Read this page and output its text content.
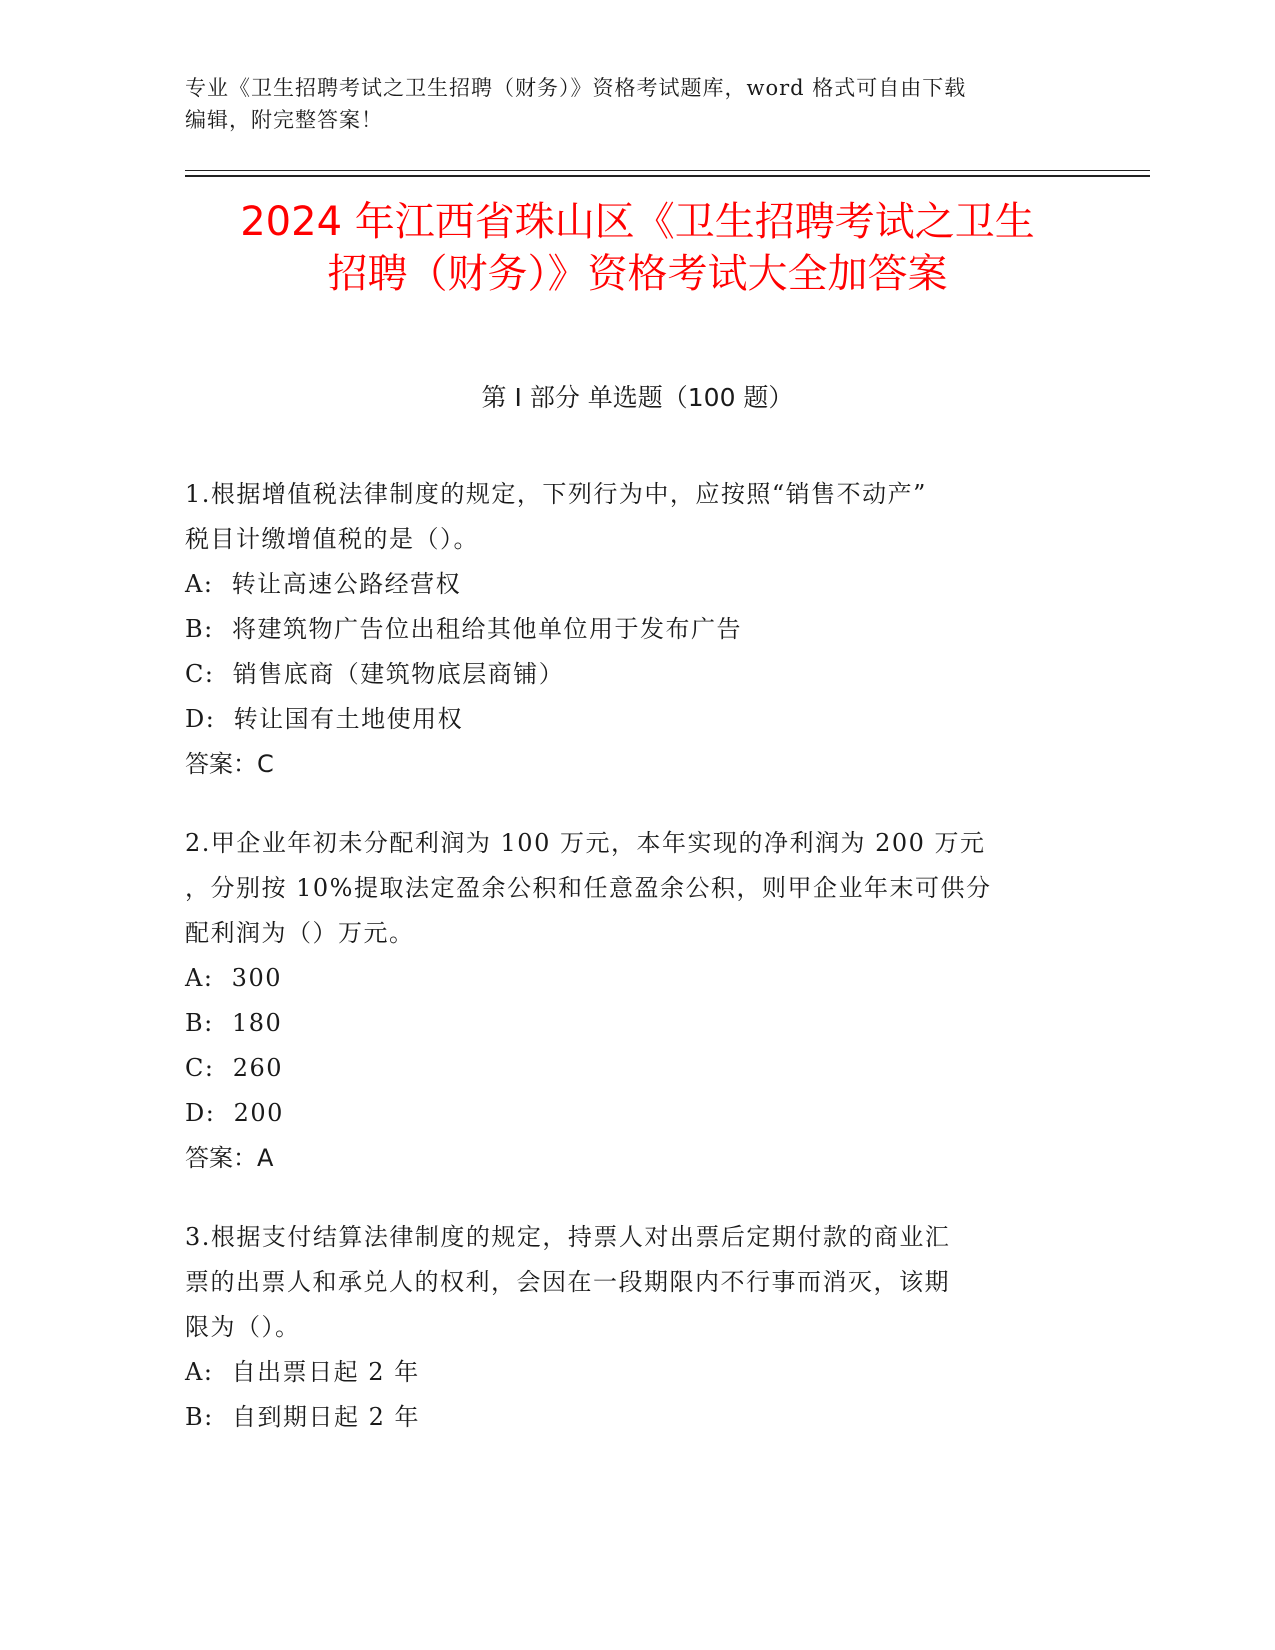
专业《卫生招聘考试之卫生招聘（财务）》资格考试题库，word 格式可自由下载
编辑，附完整答案！
2024 年江西省珠山区《卫生招聘考试之卫生
招聘（财务）》资格考试大全加答案
第 I 部分 单选题（100 题）

1.根据增值税法律制度的规定，下列行为中，应按照“销售不动产”

税目计缴增值税的是（）。

A:  转让高速公路经营权

B:  将建筑物广告位出租给其他单位用于发布广告

C:  销售底商（建筑物底层商铺）

D:  转让国有土地使用权

答案：C

2.甲企业年初未分配利润为 100 万元，本年实现的净利润为 200 万元

，分别按 10%提取法定盈余公积和任意盈余公积，则甲企业年末可供分

配利润为（）万元。

A:  300

B:  180

C:  260

D:  200

答案：A

3.根据支付结算法律制度的规定，持票人对出票后定期付款的商业汇

票的出票人和承兑人的权利，会因在一段期限内不行事而消灭，该期

限为（）。

A:  自出票日起 2 年

B:  自到期日起 2 年
